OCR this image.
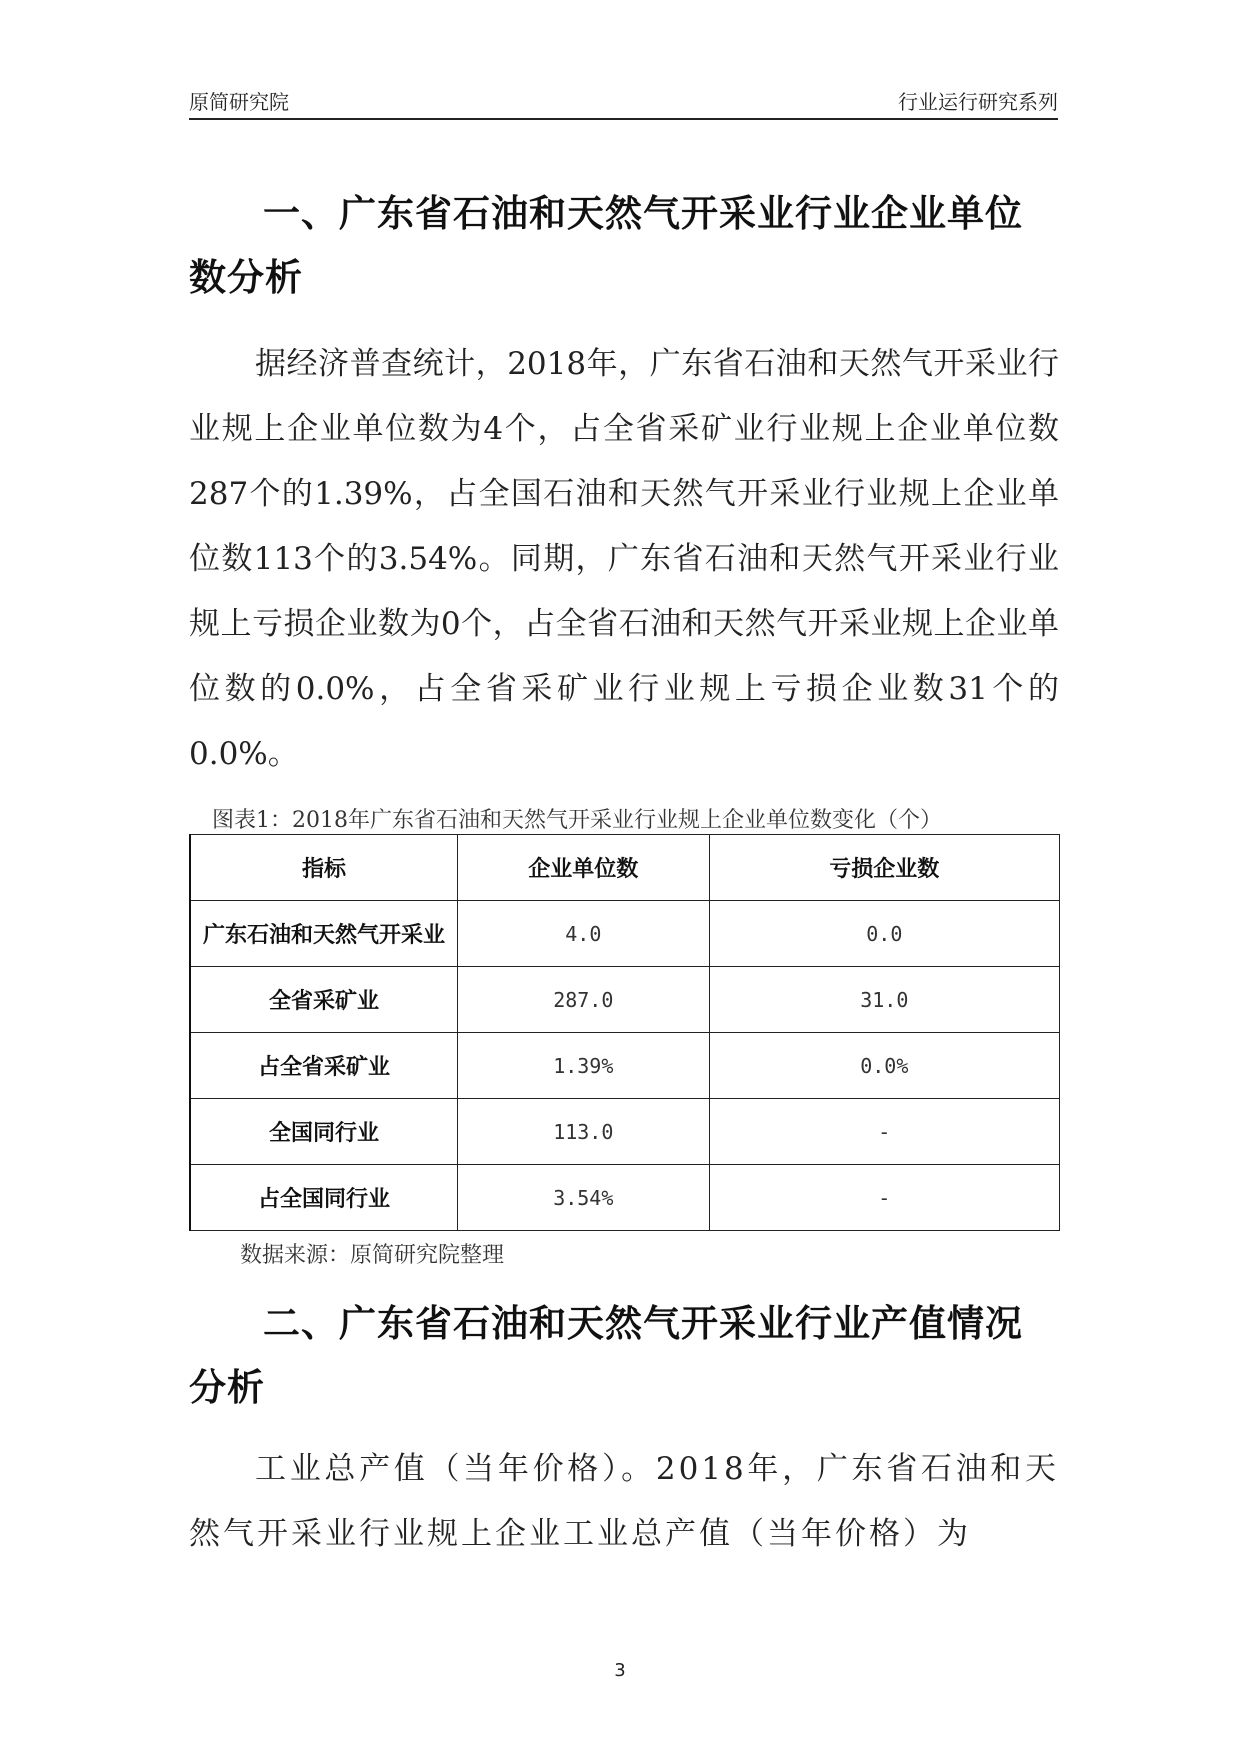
原简研究院	行业运行研究系列
一、广东省石油和天然气开采业行业企业单位数分析

据经济普查统计，2018年，广东省石油和天然气开采业行业规上企业单位数为4个，占全省采矿业行业规上企业单位数287个的1.39%，占全国石油和天然气开采业行业规上企业单位数113个的3.54%。同期，广东省石油和天然气开采业行业规上亏损企业数为0个，占全省石油和天然气开采业规上企业单位数的0.0%，占全省采矿业行业规上亏损企业数31个的0.0%。

图表1：2018年广东省石油和天然气开采业行业规上企业单位数变化（个）
指标	企业单位数	亏损企业数
广东石油和天然气开采业	4.0	0.0
全省采矿业	287.0	31.0
占全省采矿业	1.39%	0.0%
全国同行业	113.0	-
占全国同行业	3.54%	-
数据来源：原简研究院整理
二、广东省石油和天然气开采业行业产值情况分析

工业总产值（当年价格）。2018年，广东省石油和天然气开采业行业规上企业工业总产值（当年价格）为

3
